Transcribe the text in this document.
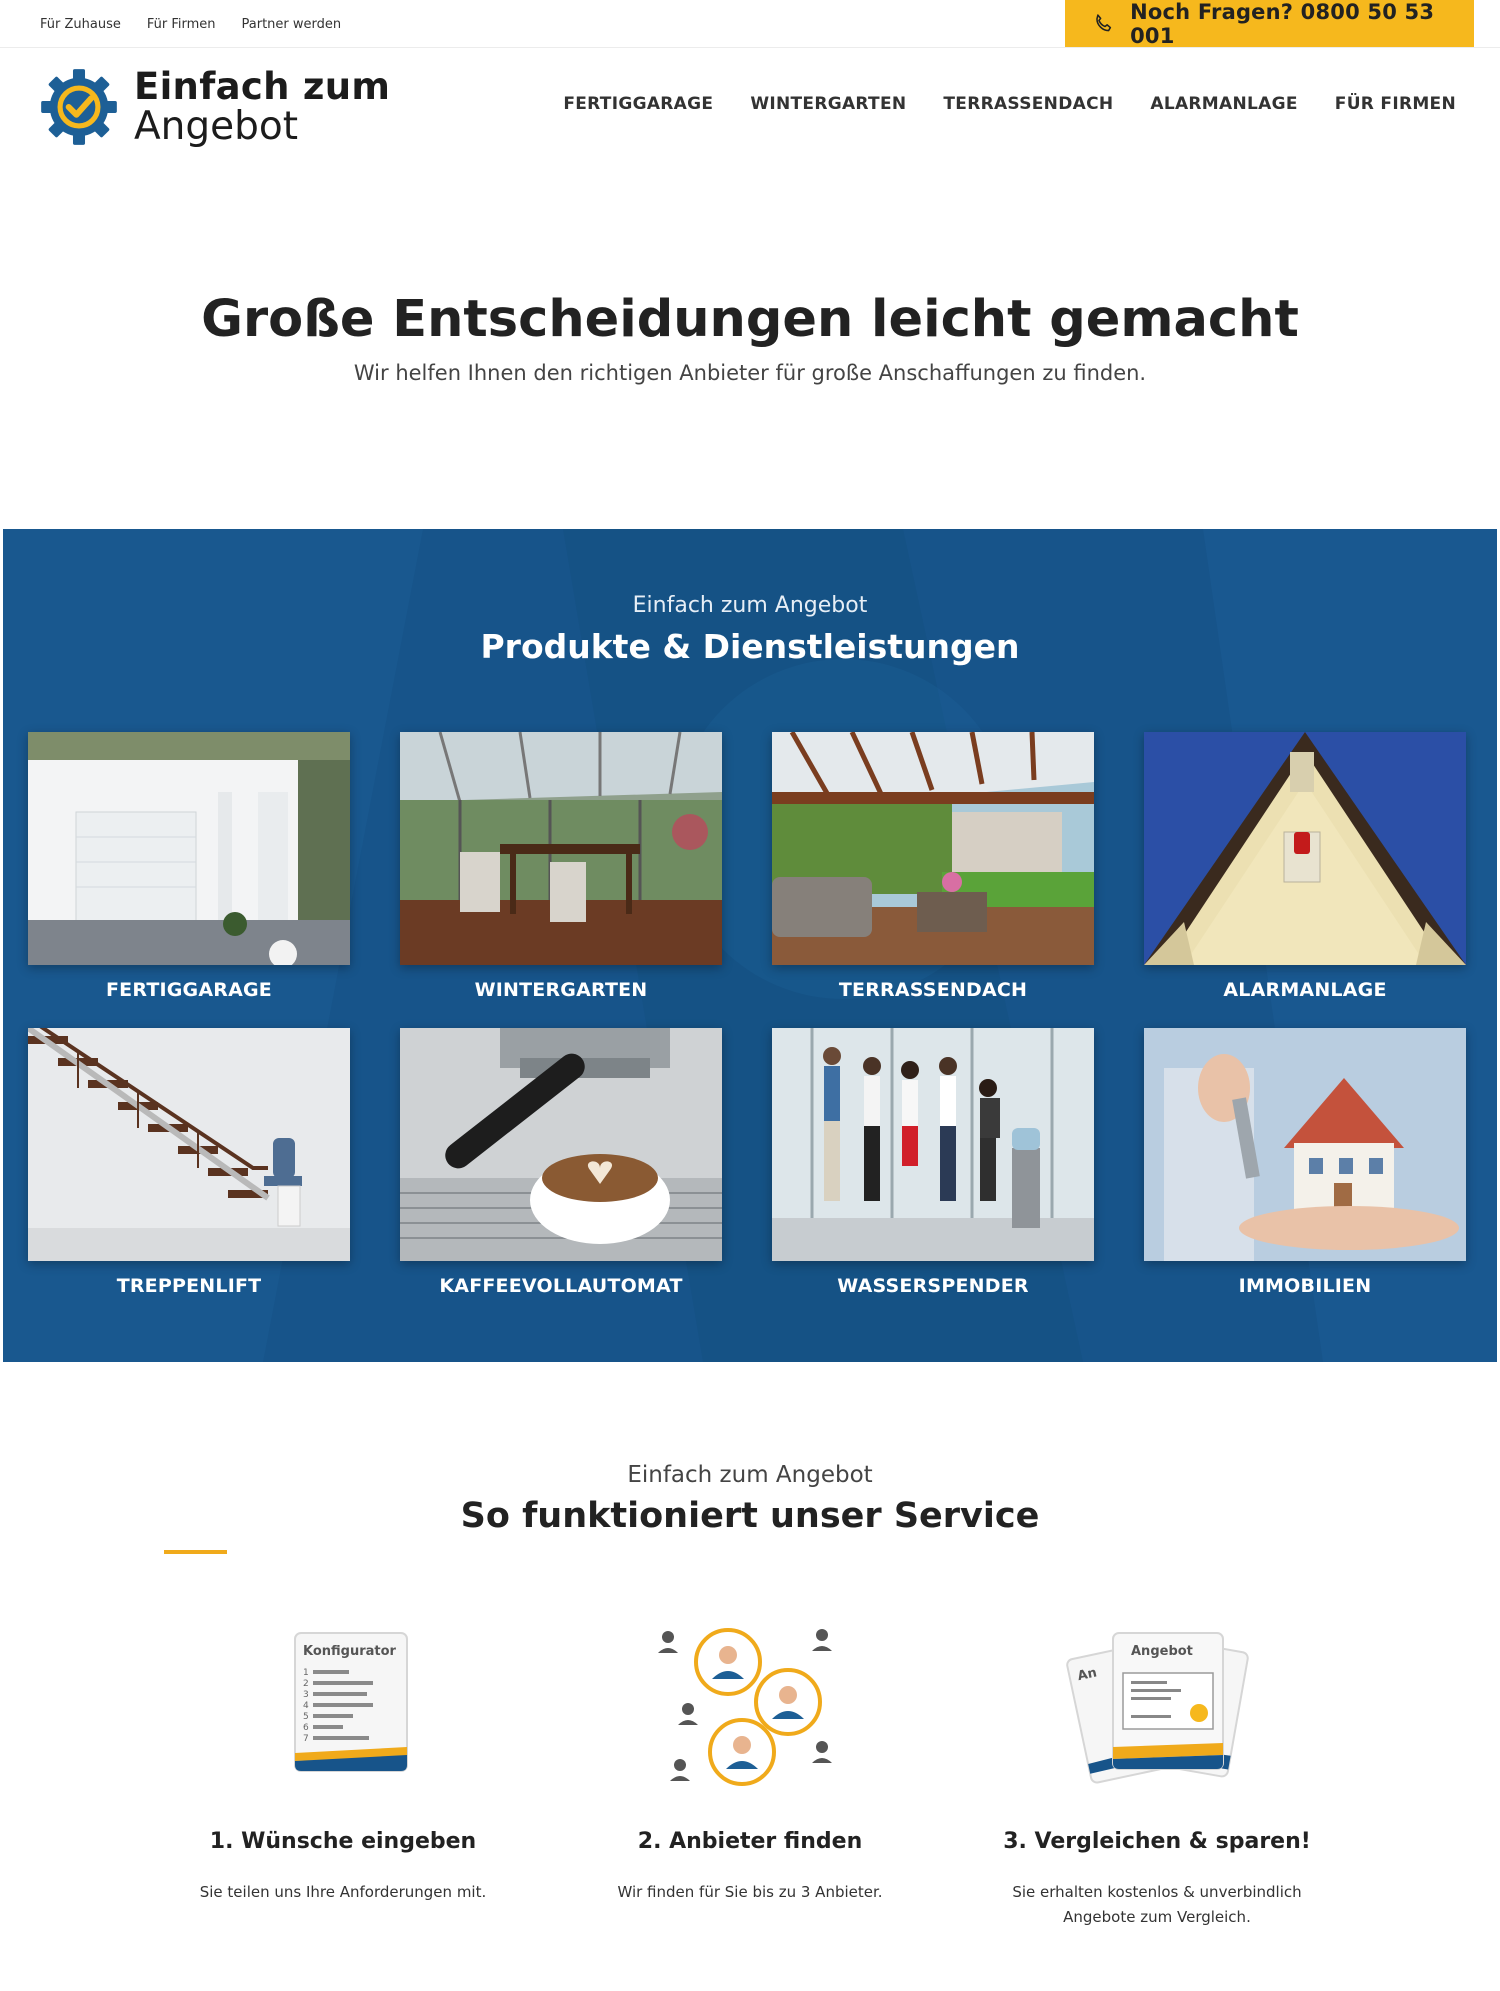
Für Zuhause Für Firmen Partner werden
Noch Fragen? 0800 50 53 001
Einfach zum
Angebot	FERTIGGARAGE WINTERGARTEN TERRASSENDACH ALARMANLAGE FÜR FIRMEN
Große Entscheidungen leicht gemacht

Wir helfen Ihnen den richtigen Anbieter für große Anschaffungen zu finden.

Einfach zum Angebot
Produkte & Dienstleistungen
FERTIGGARAGE	WINTERGARTEN	TERRASSENDACH	ALARMANLAGE
TREPPENLIFT	KAFFEEVOLLAUTOMAT	WASSERSPENDER	IMMOBILIEN
Einfach zum Angebot
So funktioniert unser Service
Konfigurator
1
2
3
4
5
6
7
1. Wünsche eingeben

Sie teilen uns Ihre Anforderungen mit.

2. Anbieter finden

Wir finden für Sie bis zu 3 Anbieter.

An
Angebot
3. Vergleichen & sparen!

Sie erhalten kostenlos & unverbindlich Angebote zum Vergleich.
